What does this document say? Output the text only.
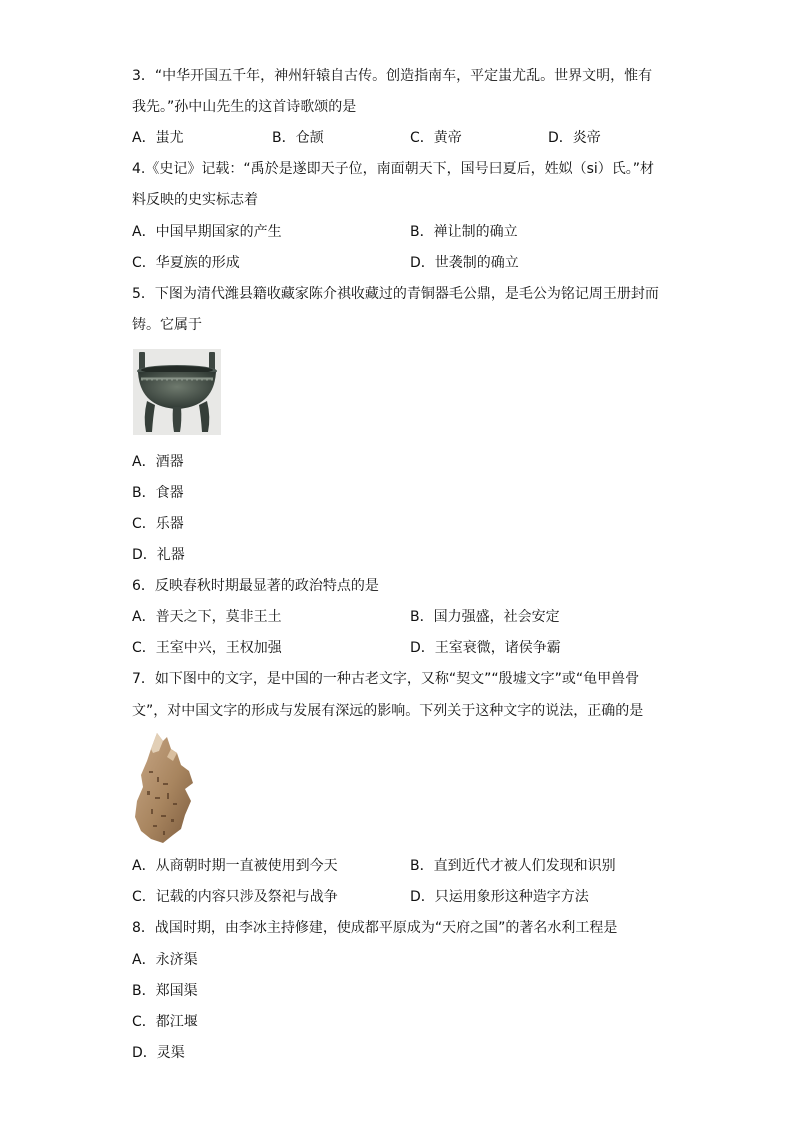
3．“中华开国五千年，神州轩辕自古传。创造指南车，平定蚩尤乱。世界文明，惟有
我先。”孙中山先生的这首诗歌颂的是
A．蚩尤	B．仓颉	C．黄帝	D．炎帝
4.《史记》记载：“禹於是遂即天子位，南面朝天下，国号曰夏后，姓姒（si）氏。”材
料反映的史实标志着
A．中国早期国家的产生	B．禅让制的确立
C．华夏族的形成	D．世袭制的确立
5．下图为清代潍县籍收藏家陈介祺收藏过的青铜器毛公鼎，是毛公为铭记周王册封而
铸。它属于
A．酒器
B．食器
C．乐器
D．礼器
6．反映春秋时期最显著的政治特点的是
A．普天之下，莫非王土	B．国力强盛，社会安定
C．王室中兴，王权加强	D．王室衰微，诸侯争霸
7．如下图中的文字，是中国的一种古老文字，又称“契文”“殷墟文字”或“龟甲兽骨
文”，对中国文字的形成与发展有深远的影响。下列关于这种文字的说法，正确的是
A．从商朝时期一直被使用到今天	B．直到近代才被人们发现和识别
C．记载的内容只涉及祭祀与战争	D．只运用象形这种造字方法
8．战国时期，由李冰主持修建，使成都平原成为“天府之国”的著名水利工程是
A．永济渠
B．郑国渠
C．都江堰
D．灵渠
